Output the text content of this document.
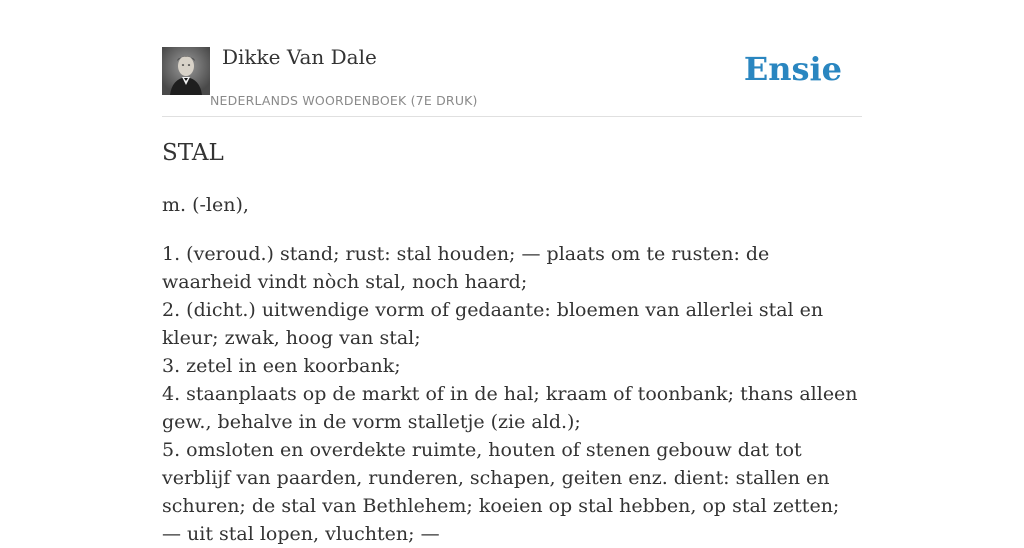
Dikke Van Dale
NEDERLANDS WOORDENBOEK (7E DRUK)
Ensie
STAL
m. (-len),
1. (veroud.) stand; rust: stal houden; — plaats om te rusten: de waarheid vindt nòch stal, noch haard;
2. (dicht.) uitwendige vorm of gedaante: bloemen van allerlei stal en kleur; zwak, hoog van stal;
3. zetel in een koorbank;
4. staanplaats op de markt of in de hal; kraam of toonbank; thans alleen gew., behalve in de vorm stalletje (zie ald.);
5. omsloten en overdekte ruimte, houten of stenen gebouw dat tot verblijf van paarden, runderen, schapen, geiten enz. dient: stallen en schuren; de stal van Bethlehem; koeien op stal hebben, op stal zetten; — uit stal lopen, vluchten; —
